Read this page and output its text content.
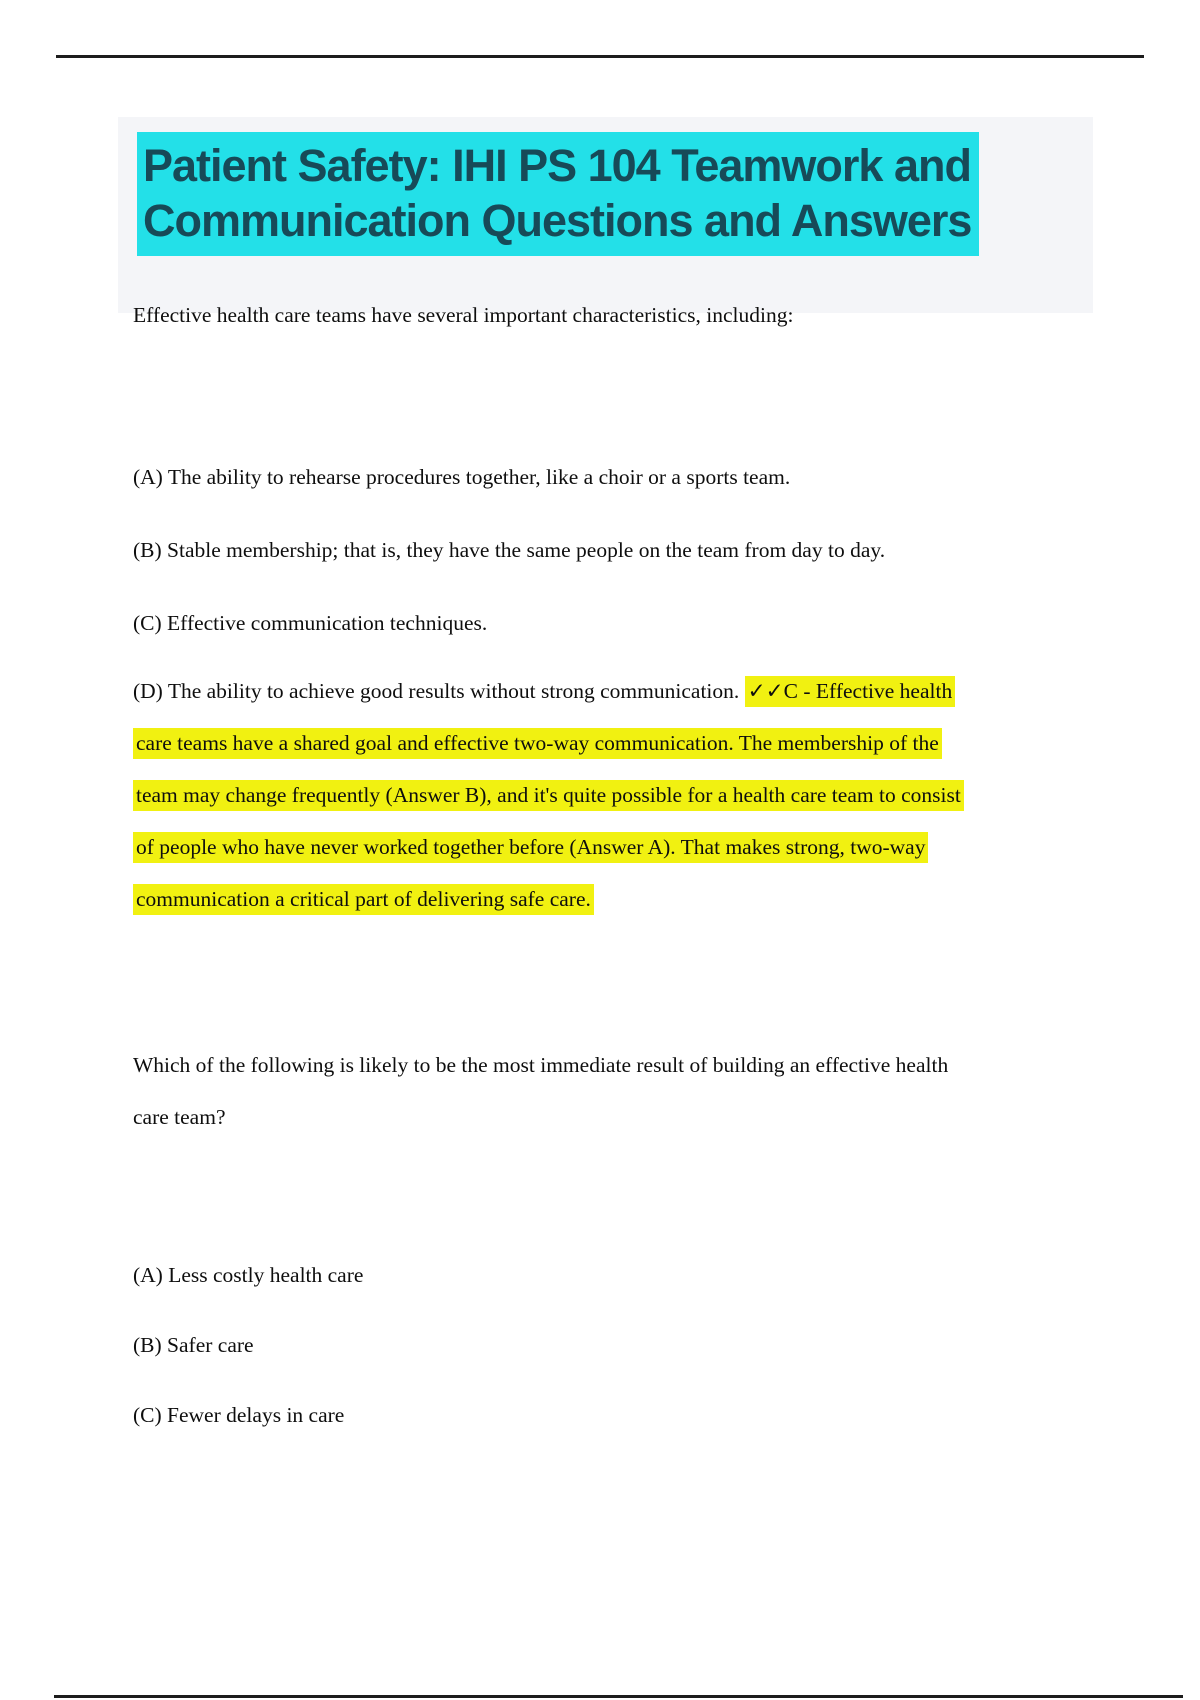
Patient Safety: IHI PS 104 Teamwork and
Communication Questions and Answers
Effective health care teams have several important characteristics, including:
(A) The ability to rehearse procedures together, like a choir or a sports team.
(B) Stable membership; that is, they have the same people on the team from day to day.
(C) Effective communication techniques.
(D) The ability to achieve good results without strong communication. ✓✓C - Effective health
care teams have a shared goal and effective two-way communication. The membership of the
team may change frequently (Answer B), and it's quite possible for a health care team to consist
of people who have never worked together before (Answer A). That makes strong, two-way
communication a critical part of delivering safe care.
Which of the following is likely to be the most immediate result of building an effective health
care team?
(A) Less costly health care
(B) Safer care
(C) Fewer delays in care
